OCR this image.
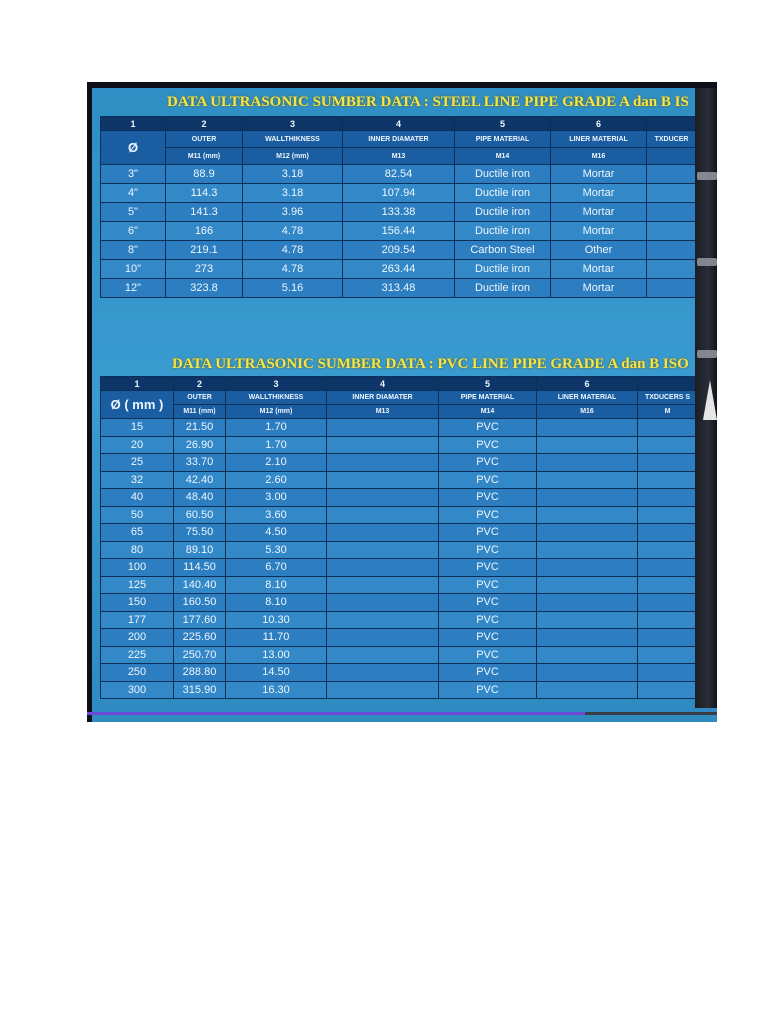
DATA ULTRASONIC SUMBER DATA : STEEL LINE PIPE GRADE A dan B IS
1	2	3	4	5	6	
Ø	OUTER	WALLTHIKNESS	INNER DIAMATER	PIPE MATERIAL	LINER MATERIAL	TXDUCER
	M11 (mm)	M12 (mm)	M13	M14	M16	
3"	88.9	3.18	82.54	Ductile iron	Mortar	
4"	114.3	3.18	107.94	Ductile iron	Mortar	
5"	141.3	3.96	133.38	Ductile iron	Mortar	
6"	166	4.78	156.44	Ductile iron	Mortar	
8"	219.1	4.78	209.54	Carbon Steel	Other	
10"	273	4.78	263.44	Ductile iron	Mortar	
12"	323.8	5.16	313.48	Ductile iron	Mortar	
DATA ULTRASONIC SUMBER DATA : PVC LINE PIPE GRADE A dan B ISO
1	2	3	4	5	6	
Ø ( mm )	OUTER	WALLTHIKNESS	INNER DIAMATER	PIPE MATERIAL	LINER MATERIAL	TXDUCERS S
	M11 (mm)	M12 (mm)	M13	M14	M16	M
15	21.50	1.70		PVC		
20	26.90	1.70		PVC		
25	33.70	2.10		PVC		
32	42.40	2.60		PVC		
40	48.40	3.00		PVC		
50	60.50	3.60		PVC		
65	75.50	4.50		PVC		
80	89.10	5.30		PVC		
100	114.50	6.70		PVC		
125	140.40	8.10		PVC		
150	160.50	8.10		PVC		
177	177.60	10.30		PVC		
200	225.60	11.70		PVC		
225	250.70	13.00		PVC		
250	288.80	14.50		PVC		
300	315.90	16.30		PVC		
